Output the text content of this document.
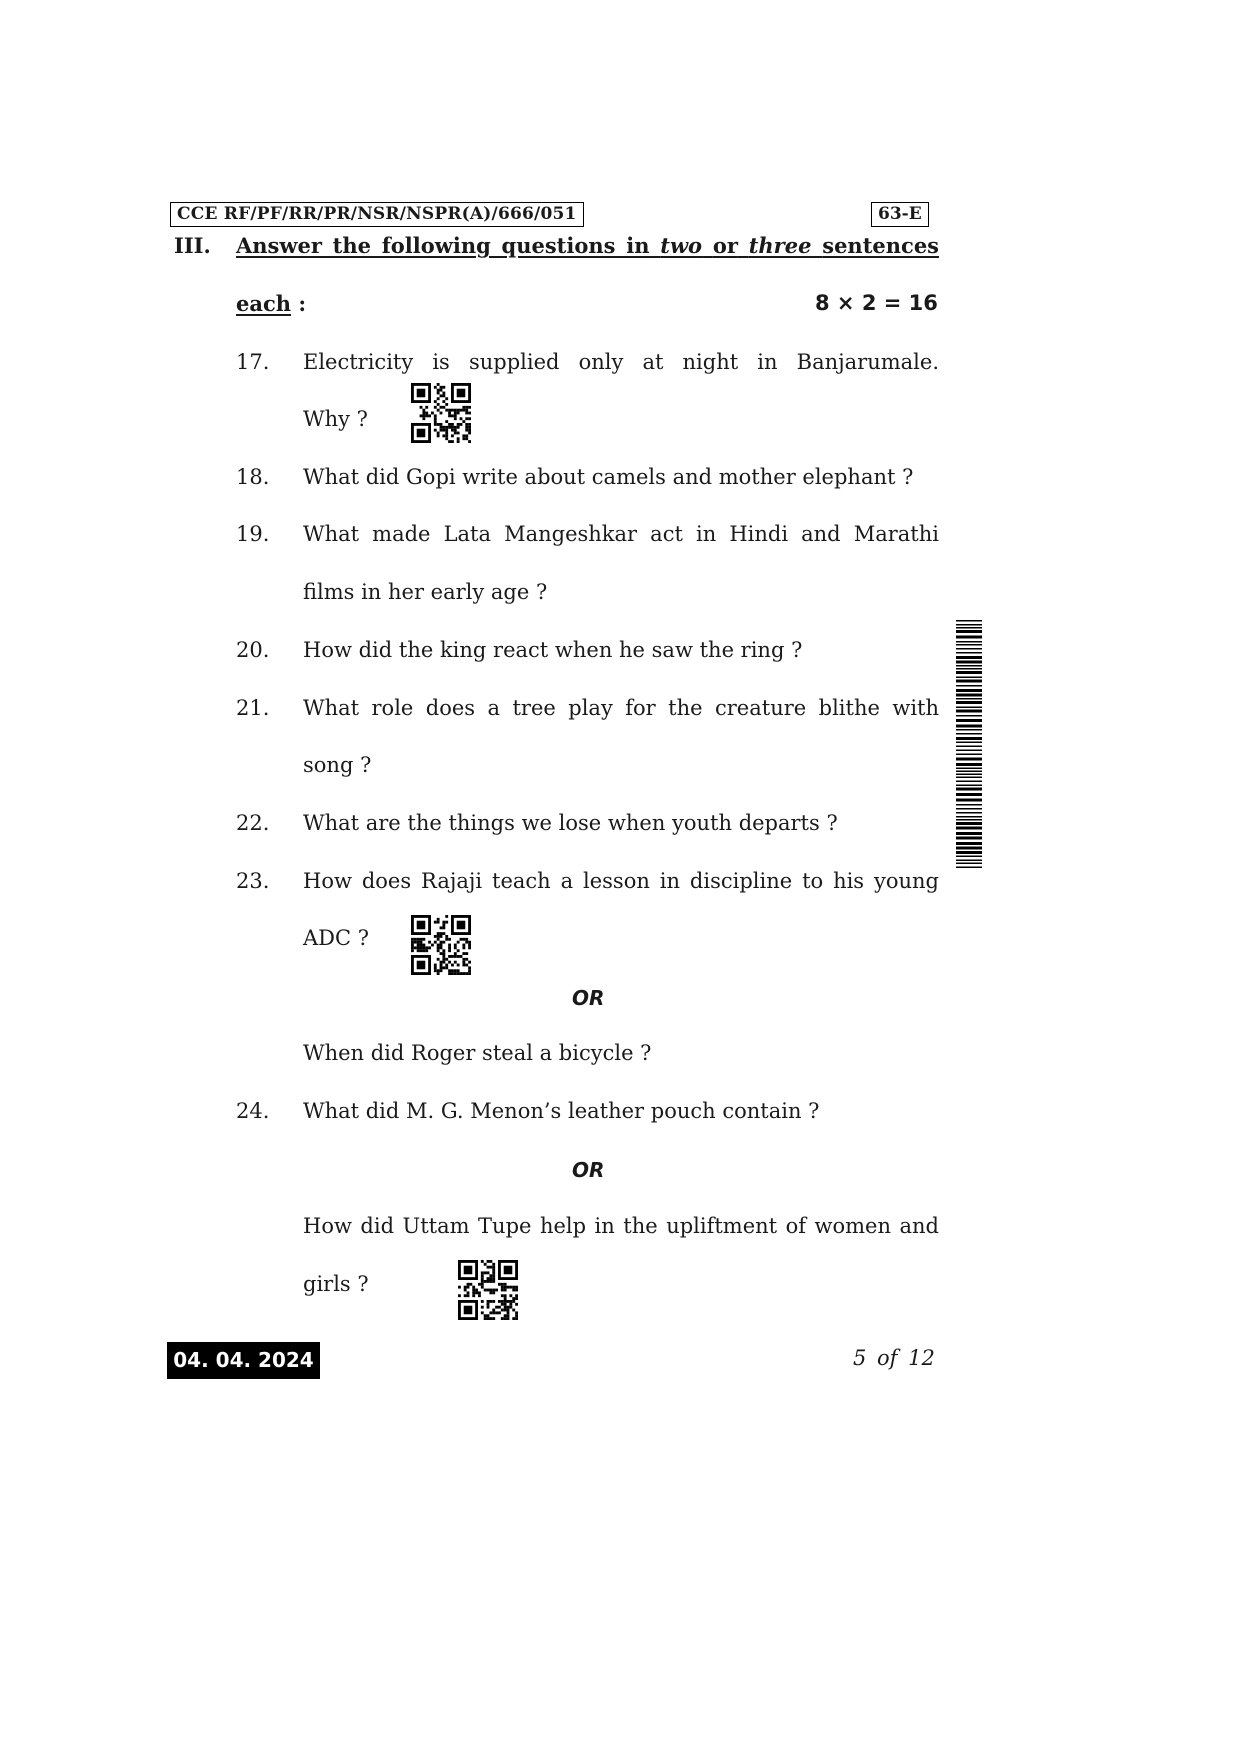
CCE RF/PF/RR/PR/NSR/NSPR(A)/666/051	63-E
III. Answer the following questions in two or three sentences
each :	8 × 2 = 16
17. Electricity is supplied only at night in Banjarumale.
Why ?
18. What did Gopi write about camels and mother elephant ?
19. What made Lata Mangeshkar act in Hindi and Marathi
films in her early age ?
20. How did the king react when he saw the ring ?
21. What role does a tree play for the creature blithe with
song ?
22. What are the things we lose when youth departs ?
23. How does Rajaji teach a lesson in discipline to his young
ADC ?
OR
When did Roger steal a bicycle ?
24. What did M. G. Menon’s leather pouch contain ?
OR
How did Uttam Tupe help in the upliftment of women and
girls ?
04. 04. 2024	5 of 12
